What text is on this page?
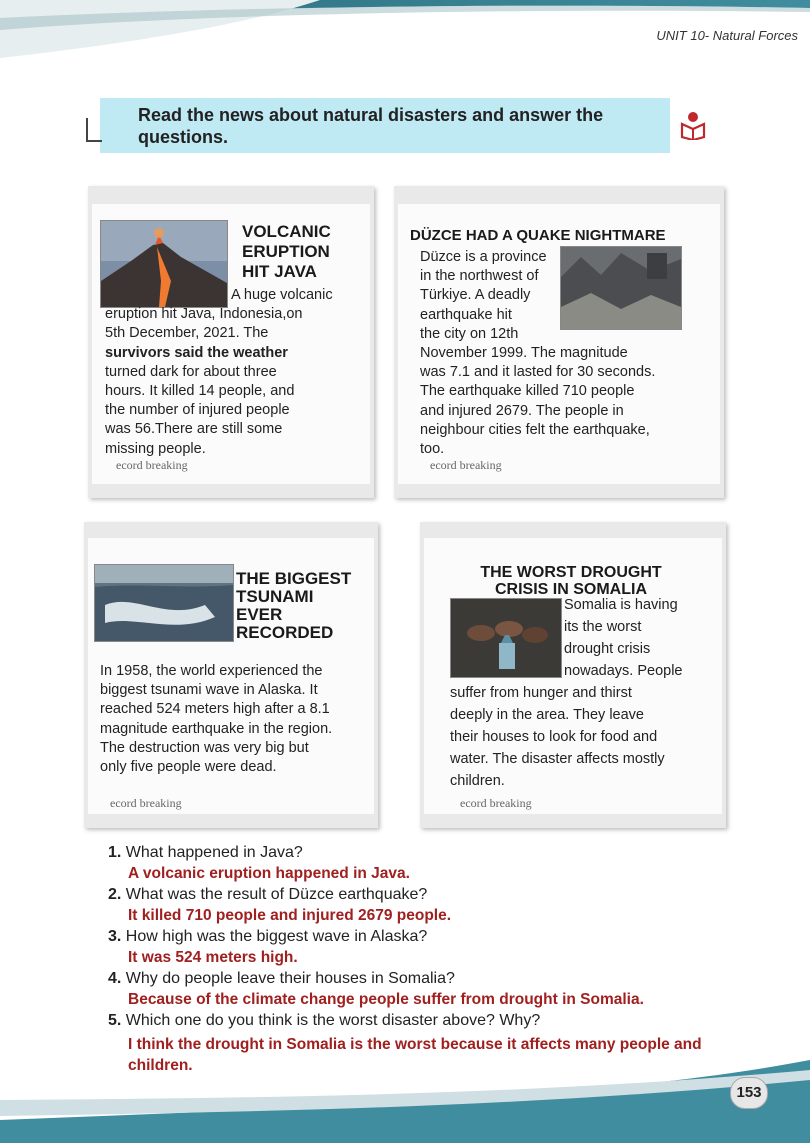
UNIT 10- Natural Forces
Read the news about natural disasters and answer the questions.
VOLCANIC
ERUPTION
HIT JAVA
A huge volcanic
eruption hit Java, Indonesia,on
5th December, 2021. The
survivors said the weather
turned dark for about three
hours. It killed 14 people, and
the number of injured people
was 56.There are still some
missing people.
ecord breaking
DÜZCE HAD A QUAKE NIGHTMARE
Düzce is a province
in the northwest of
Türkiye. A deadly
earthquake hit
the city on 12th
November 1999. The magnitude
was 7.1 and it lasted for 30 seconds.
The earthquake killed 710 people
and injured 2679. The people in
neighbour cities felt the earthquake,
too.
ecord breaking
THE BIGGEST
TSUNAMI
EVER
RECORDED
In 1958, the world experienced the
biggest tsunami wave in Alaska. It
reached 524 meters high after a 8.1
magnitude earthquake in the region.
The destruction was very big but
only five people were dead.
ecord breaking
THE WORST DROUGHT
CRISIS IN SOMALIA
Somalia is having
its the worst
drought crisis
nowadays. People
suffer from hunger and thirst
deeply in the area. They leave
their houses to look for food and
water. The disaster affects mostly
children.
ecord breaking
1. What happened in Java?
A volcanic eruption happened in Java.
2. What was the result of Düzce earthquake?
It killed 710 people and injured 2679 people.
3. How high was the biggest wave in Alaska?
It was 524 meters high.
4. Why do people leave their houses in Somalia?
Because of the climate change people suffer from drought in Somalia.
5. Which one do you think is the worst disaster above? Why?
I think the drought in Somalia is the worst because it affects many people and children.
153
